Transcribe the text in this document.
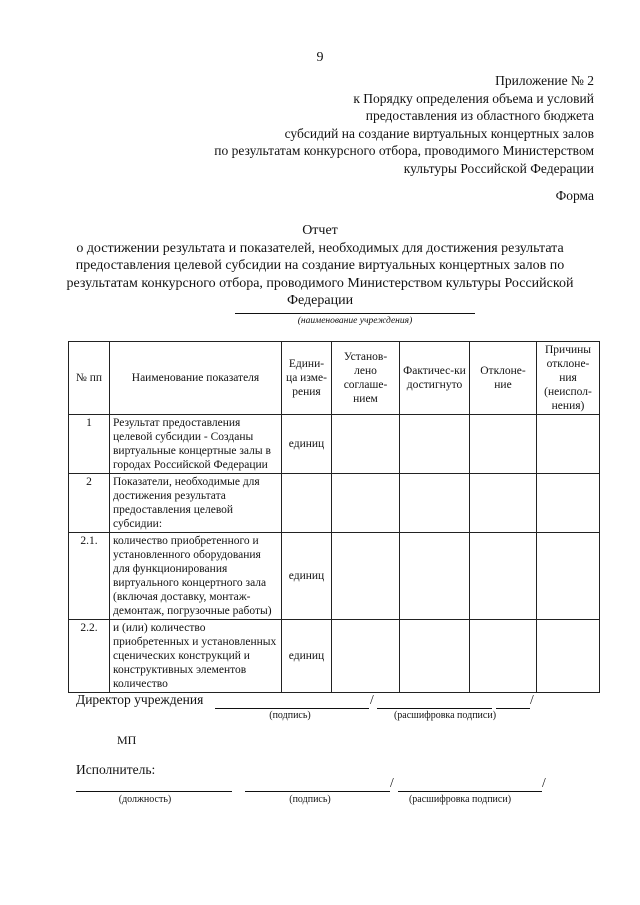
9
Приложение № 2
к Порядку определения объема и условий
предоставления из областного бюджета
субсидий на создание виртуальных концертных залов
по результатам конкурсного отбора, проводимого Министерством
культуры Российской Федерации
Форма
Отчет
о достижении результата и показателей, необходимых для достижения результата
предоставления целевой субсидии на создание виртуальных концертных залов по
результатам конкурсного отбора, проводимого Министерством культуры Российской
Федерации
(наименование учреждения)
№ пп	Наименование показателя	Едини-ца изме-рения	Установ-лено соглаше-нием	Фактичес-ки достигнуто	Отклоне-ние	Причины отклоне-ния (неиспол-нения)
1	Результат предоставления целевой субсидии - Созданы виртуальные концертные залы в городах Российской Федерации	единиц				
2	Показатели, необходимые для достижения результата предоставления целевой субсидии:					
2.1.	количество приобретенного и установленного оборудования для функционирования виртуального концертного зала (включая доставку, монтаж-демонтаж, погрузочные работы)	единиц				
2.2.	и (или) количество приобретенных и установленных сценических конструкций и конструктивных элементов количество	единиц				
Директор учреждения	/	/
(подпись)	(расшифровка подписи)
МП
Исполнитель:
/	/
(должность)	(подпись)	(расшифровка подписи)
